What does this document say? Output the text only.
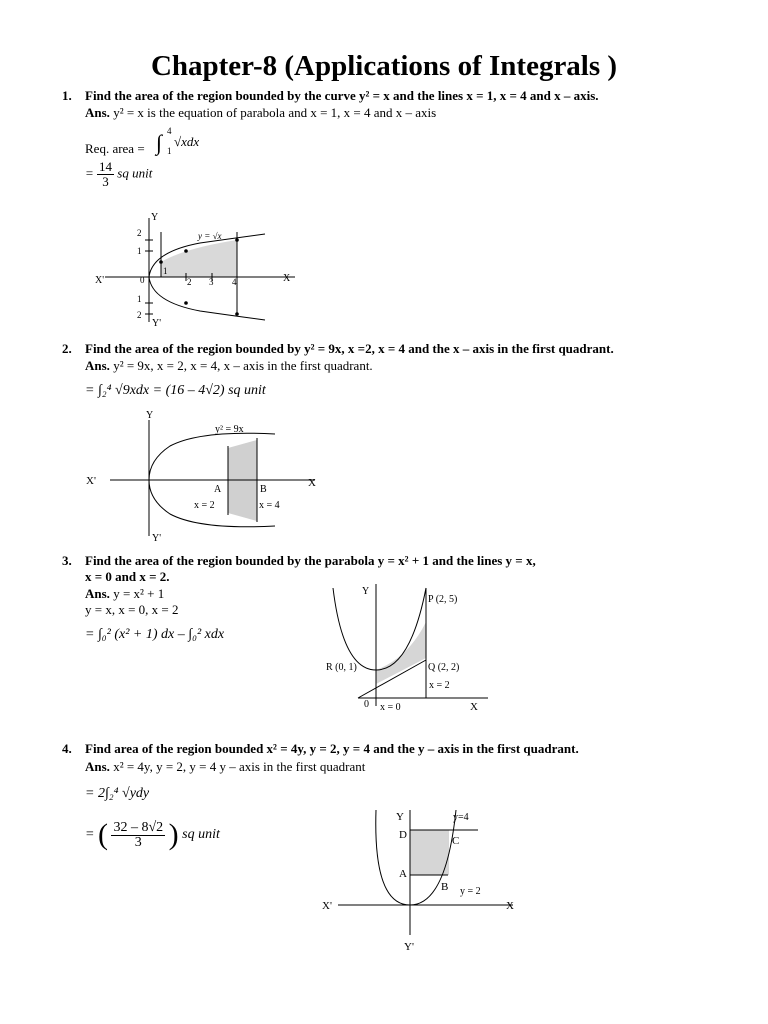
Chapter-8 (Applications of Integrals )
1. Find the area of the region bounded by the curve y² = x and the lines x = 1, x = 4 and x – axis.
Ans. y² = x is the equation of parabola and x = 1, x = 4 and x – axis
Req. area = ∫ 4
1
√xdx
= $\frac{14}{3}$ sq unit
Y
Y'
X
X'	0
y = √x
1
2 3 4
2
1
1
2
2. Find the area of the region bounded by y² = 9x, x =2, x = 4 and the x – axis in the first quadrant.
Ans. y² = 9x, x = 2, x = 4, x – axis in the first quadrant.
= ∫₂⁴ √9xdx = (16 – 4√2) sq unit
Y
Y'
X
X'
y² = 9x
A	B
x = 2	x = 4
3. Find the area of the region bounded by the parabola y = x² + 1 and the lines y = x,
x = 0 and x = 2.
Ans. y = x² + 1
y = x, x = 0, x = 2
= ∫₀² (x² + 1) dx – ∫₀² xdx
Y
X
0
P (2, 5)
Q (2, 2)
R (0, 1)
x = 2
x = 0
4. Find area of the region bounded x² = 4y, y = 2, y = 4 and the y – axis in the first quadrant.
Ans. x² = 4y, y = 2, y = 4 y – axis in the first quadrant
= 2∫₂⁴ √ydy
= ( $\frac{32 - 8√2}{3}$ ) sq unit
Y
Y'
X
X'
y=4
y = 2
D	C
A
B
